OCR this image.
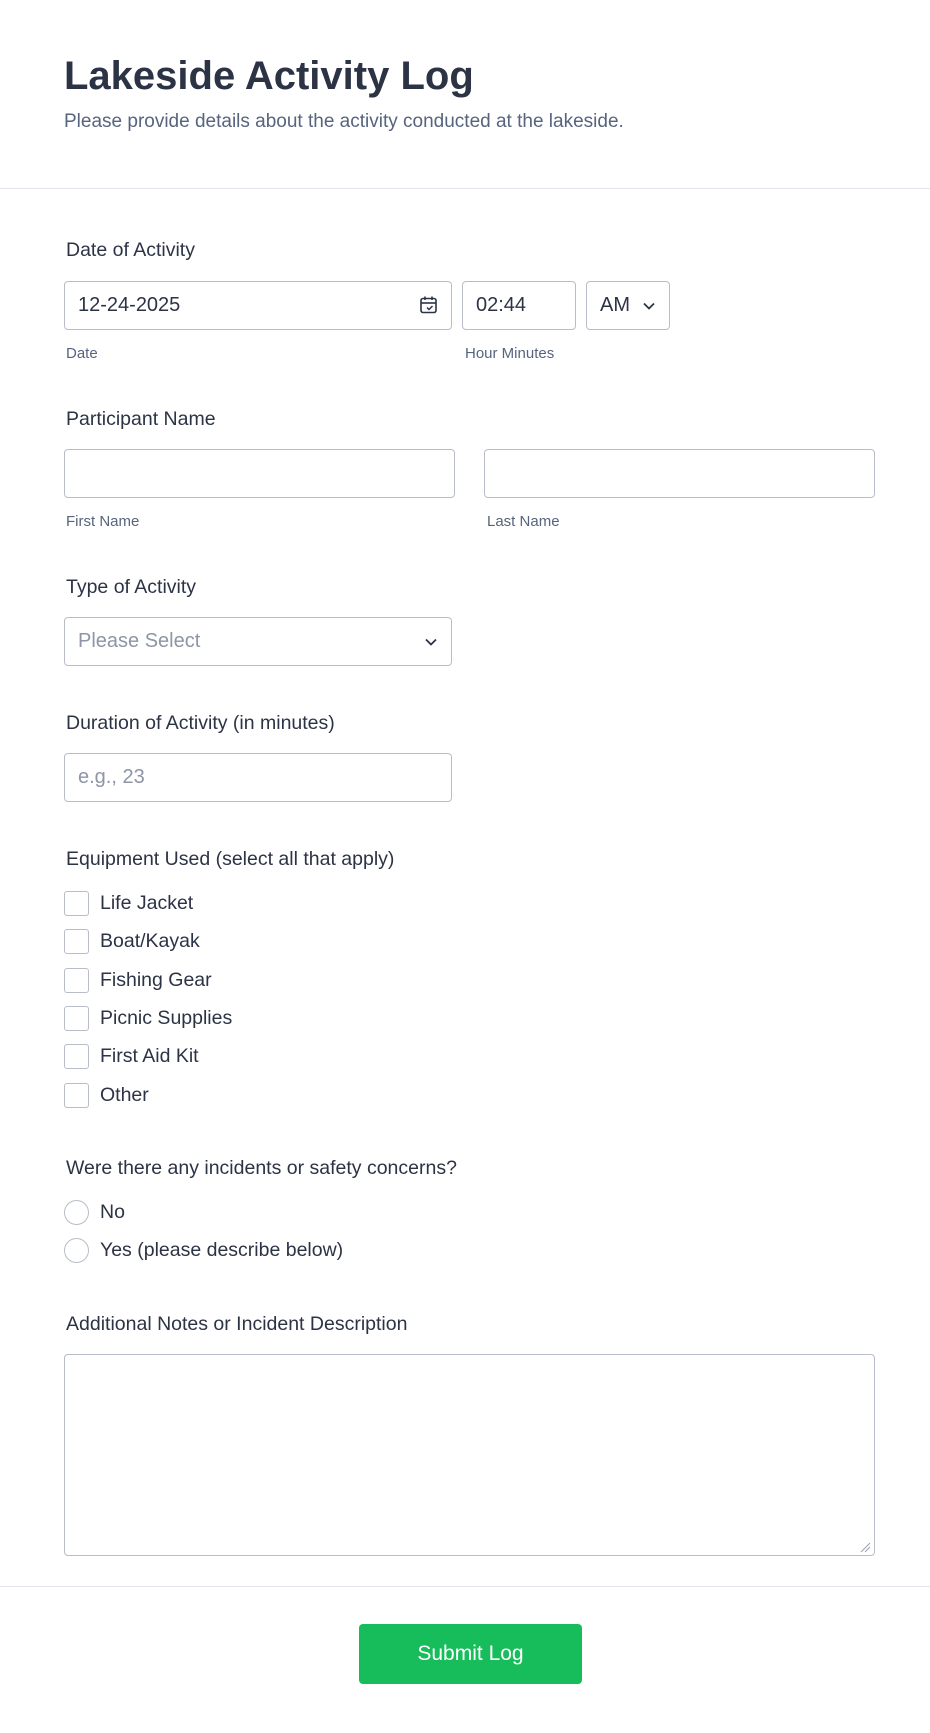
Lakeside Activity Log

Please provide details about the activity conducted at the lakeside.

Date of Activity
12-24-2025
Date
02:44
Hour Minutes
AM
Participant Name
First Name	Last Name
Type of Activity
Please Select
Duration of Activity (in minutes)
e.g., 23
Equipment Used (select all that apply)
Life Jacket
Boat/Kayak
Fishing Gear
Picnic Supplies
First Aid Kit
Other
Were there any incidents or safety concerns?
No
Yes (please describe below)
Additional Notes or Incident Description
Submit Log
